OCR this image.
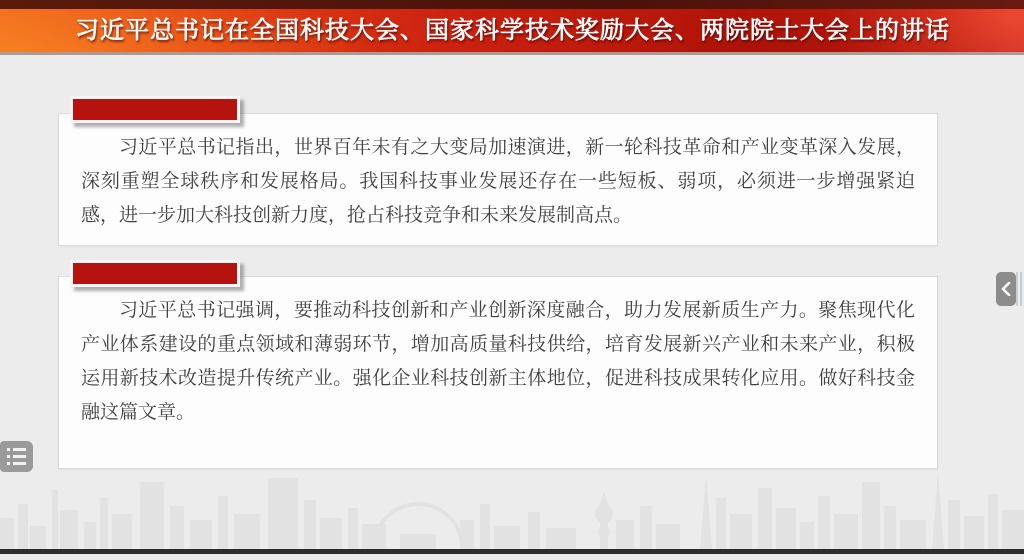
习近平总书记在全国科技大会、国家科学技术奖励大会、两院院士大会上的讲话

习近平总书记指出，世界百年未有之大变局加速演进，新一轮科技革命和产业变革深入发展，深刻重塑全球秩序和发展格局。我国科技事业发展还存在一些短板、弱项，必须进一步增强紧迫感，进一步加大科技创新力度，抢占科技竞争和未来发展制高点。

习近平总书记强调，要推动科技创新和产业创新深度融合，助力发展新质生产力。聚焦现代化产业体系建设的重点领域和薄弱环节，增加高质量科技供给，培育发展新兴产业和未来产业，积极运用新技术改造提升传统产业。强化企业科技创新主体地位，促进科技成果转化应用。做好科技金融这篇文章。
